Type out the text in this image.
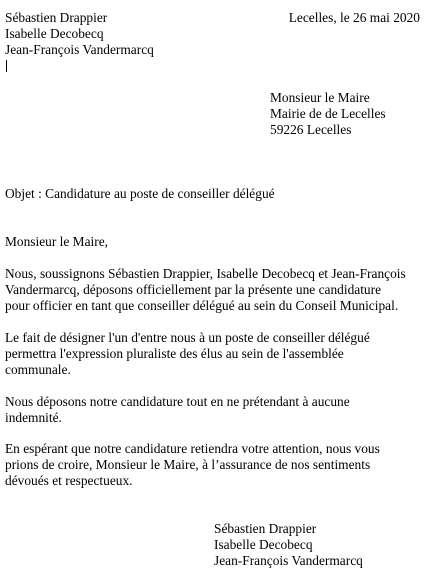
Sébastien Drappier
Isabelle Decobecq
Jean-François Vandermarcq
Lecelles, le 26 mai 2020
Monsieur le Maire
Mairie de de Lecelles
59226 Lecelles
Objet : Candidature au poste de conseiller délégué
Monsieur le Maire,
Nous, soussignons Sébastien Drappier, Isabelle Decobecq et Jean-François
Vandermarcq, déposons officiellement par la présente une candidature
pour officier en tant que conseiller délégué au sein du Conseil Municipal.
Le fait de désigner l'un d'entre nous à un poste de conseiller délégué
permettra l'expression pluraliste des élus au sein de l'assemblée
communale.
Nous déposons notre candidature tout en ne prétendant à aucune
indemnité.
En espérant que notre candidature retiendra votre attention, nous vous
prions de croire, Monsieur le Maire, à l’assurance de nos sentiments
dévoués et respectueux.
Sébastien Drappier
Isabelle Decobecq
Jean-François Vandermarcq
